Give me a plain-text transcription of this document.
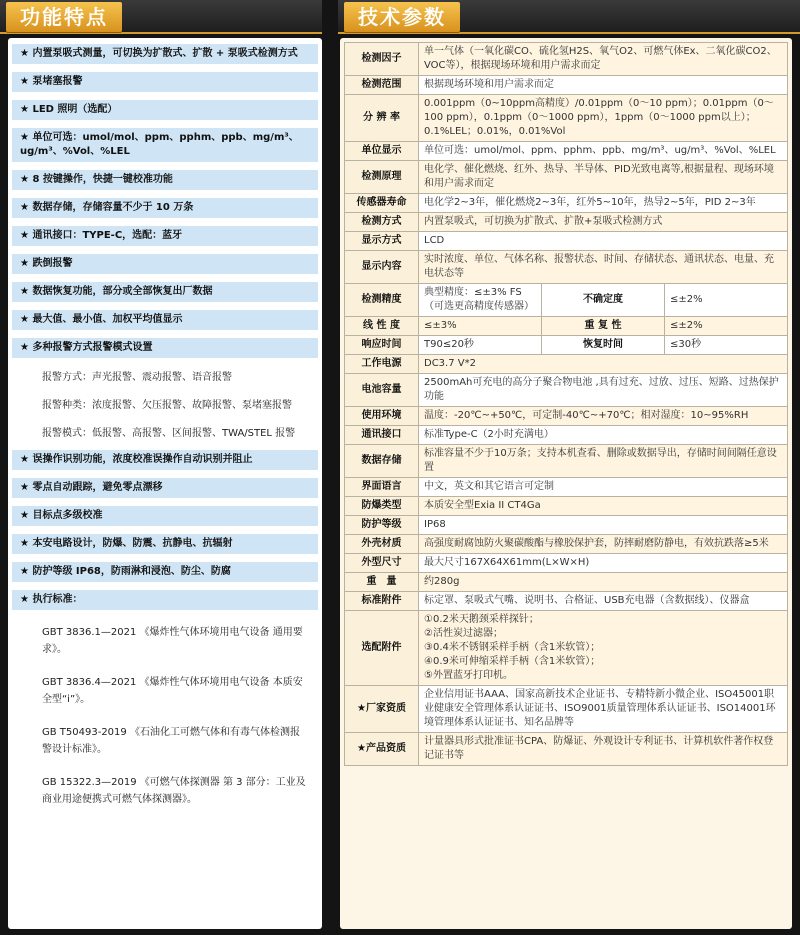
功能特点	技术参数
★ 内置泵吸式测量，可切换为扩散式、扩散 + 泵吸式检测方式
★ 泵堵塞报警
★ LED 照明（选配）
★ 单位可选：umol/mol、ppm、pphm、ppb、mg/m³、ug/m³、%Vol、%LEL
★ 8 按键操作，快捷一键校准功能
★ 数据存储，存储容量不少于 10 万条
★ 通讯接口：TYPE-C，选配：蓝牙
★ 跌倒报警
★ 数据恢复功能，部分或全部恢复出厂数据
★ 最大值、最小值、加权平均值显示
★ 多种报警方式报警模式设置
报警方式：声光报警、震动报警、语音报警
报警种类：浓度报警、欠压报警、故障报警、泵堵塞报警
报警模式：低报警、高报警、区间报警、TWA/STEL 报警
★ 误操作识别功能，浓度校准误操作自动识别并阻止
★ 零点自动跟踪，避免零点漂移
★ 目标点多级校准
★ 本安电路设计，防爆、防震、抗静电、抗辐射
★ 防护等级 IP68，防雨淋和浸泡、防尘、防腐
★ 执行标准：
GBT 3836.1—2021 《爆炸性气体环境用电气设备 通用要求》。
GBT 3836.4—2021 《爆炸性气体环境用电气设备 本质安全型“i”》。
GB T50493-2019 《石油化工可燃气体和有毒气体检测报警设计标准》。
GB 15322.3—2019 《可燃气体探测器 第 3 部分：工业及商业用途便携式可燃气体探测器》。
检测因子	单一气体（一氧化碳CO、硫化氢H2S、氧气O2、可燃气体Ex、二氧化碳CO2、VOC等），根据现场环境和用户需求而定		
检测范围	根据现场环境和用户需求而定		
分 辨 率	0.001ppm（0~10ppm高精度）/0.01ppm（0～10 ppm）；0.01ppm（0～100 ppm），0.1ppm（0～1000 ppm），1ppm（0～1000 ppm以上）；0.1%LEL；0.01%，0.01%Vol		
单位显示	单位可选：umol/mol、ppm、pphm、ppb、mg/m³、ug/m³、%Vol、%LEL		
检测原理	电化学、催化燃烧、红外、热导、半导体、PID光致电离等,根据量程、现场环境和用户需求而定		
传感器寿命	电化学2~3年，催化燃烧2~3年，红外5~10年，热导2~5年，PID 2~3年		
检测方式	内置泵吸式，可切换为扩散式、扩散+泵吸式检测方式		
显示方式	LCD		
显示内容	实时浓度、单位、气体名称、报警状态、时间、存储状态、通讯状态、电量、充电状态等		
检测精度	典型精度：≤±3% FS（可选更高精度传感器）	不确定度	≤±2%
线 性 度	≤±3%	重 复 性	≤±2%
响应时间	T90≤20秒	恢复时间	≤30秒
工作电源	DC3.7 V*2		
电池容量	2500mAh可充电的高分子聚合物电池 ,具有过充、过放、过压、短路、过热保护功能		
使用环境	温度：-20℃~+50℃，可定制-40℃~+70℃；相对湿度：10~95%RH		
通讯接口	标准Type-C（2小时充满电）		
数据存储	标准容量不少于10万条；支持本机查看、删除或数据导出，存储时间间隔任意设置		
界面语言	中文，英文和其它语言可定制		
防爆类型	本质安全型Exia II CT4Ga		
防护等级	IP68		
外壳材质	高强度耐腐蚀防火聚碳酸酯与橡胶保护套，防摔耐磨防静电，有效抗跌落≥5米		
外型尺寸	最大尺寸167X64X61mm(L×W×H)		
重　量	约280g		
标准附件	标定罩、泵吸式气嘴、说明书、合格证、USB充电器（含数据线）、仪器盒		
选配附件	①0.2米天鹅颈采样探针；
②活性炭过滤器；
③0.4米不锈钢采样手柄（含1米软管）；
④0.9米可伸缩采样手柄（含1米软管）；
⑤外置蓝牙打印机。		

★厂家资质	企业信用证书AAA、国家高新技术企业证书、专精特新小微企业、ISO45001职业健康安全管理体系认证证书、ISO9001质量管理体系认证证书、ISO14001环境管理体系认证证书、知名品牌等		
★产品资质	计量器具形式批准证书CPA、防爆证、外观设计专利证书、计算机软件著作权登记证书等		
